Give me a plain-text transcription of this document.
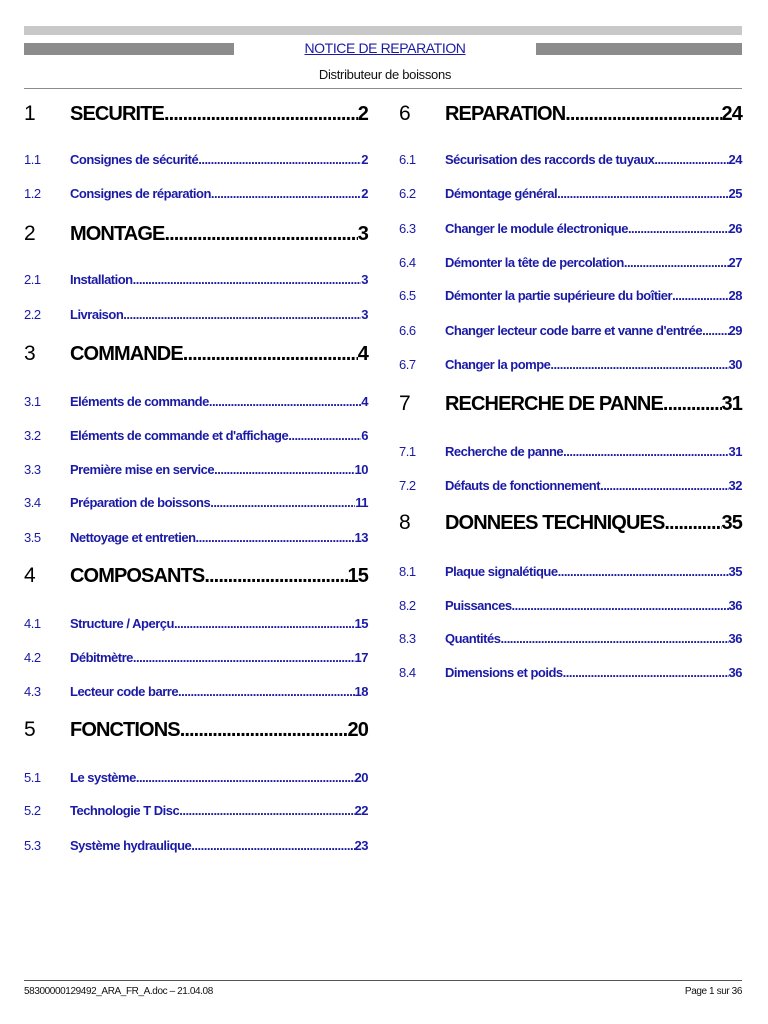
NOTICE DE REPARATION
Distributeur de boissons
1	SECURITE .....	2
1.1	Consignes de sécurité .....	2
1.2	Consignes de réparation .....	2
2	MONTAGE .....	3
2.1	Installation .....	3
2.2	Livraison .....	3
3	COMMANDE .....	4
3.1	Eléments de commande .....	4
3.2	Eléments de commande et d'affichage .....	6
3.3	Première mise en service .....	10
3.4	Préparation de boissons .....	11
3.5	Nettoyage et entretien .....	13
4	COMPOSANTS .....	15
4.1	Structure / Aperçu .....	15
4.2	Débitmètre .....	17
4.3	Lecteur code barre .....	18
5	FONCTIONS .....	20
5.1	Le système .....	20
5.2	Technologie T Disc .....	22
5.3	Système hydraulique .....	23
6	REPARATION .....	24
6.1	Sécurisation des raccords de tuyaux .....	24
6.2	Démontage général .....	25
6.3	Changer le module électronique .....	26
6.4	Démonter la tête de percolation .....	27
6.5	Démonter la partie supérieure du boîtier .....	28
6.6	Changer lecteur code barre et vanne d'entrée ..... 29
6.7	Changer la pompe .....	30
7	RECHERCHE DE PANNE .....	31
7.1	Recherche de panne .....	31
7.2	Défauts de fonctionnement .....	32
8	DONNEES TECHNIQUES .....	35
8.1	Plaque signalétique .....	35
8.2	Puissances .....	36
8.3	Quantités .....	36
8.4	Dimensions et poids .....	36
58300000129492_ARA_FR_A.doc – 21.04.08	Page 1 sur 36
